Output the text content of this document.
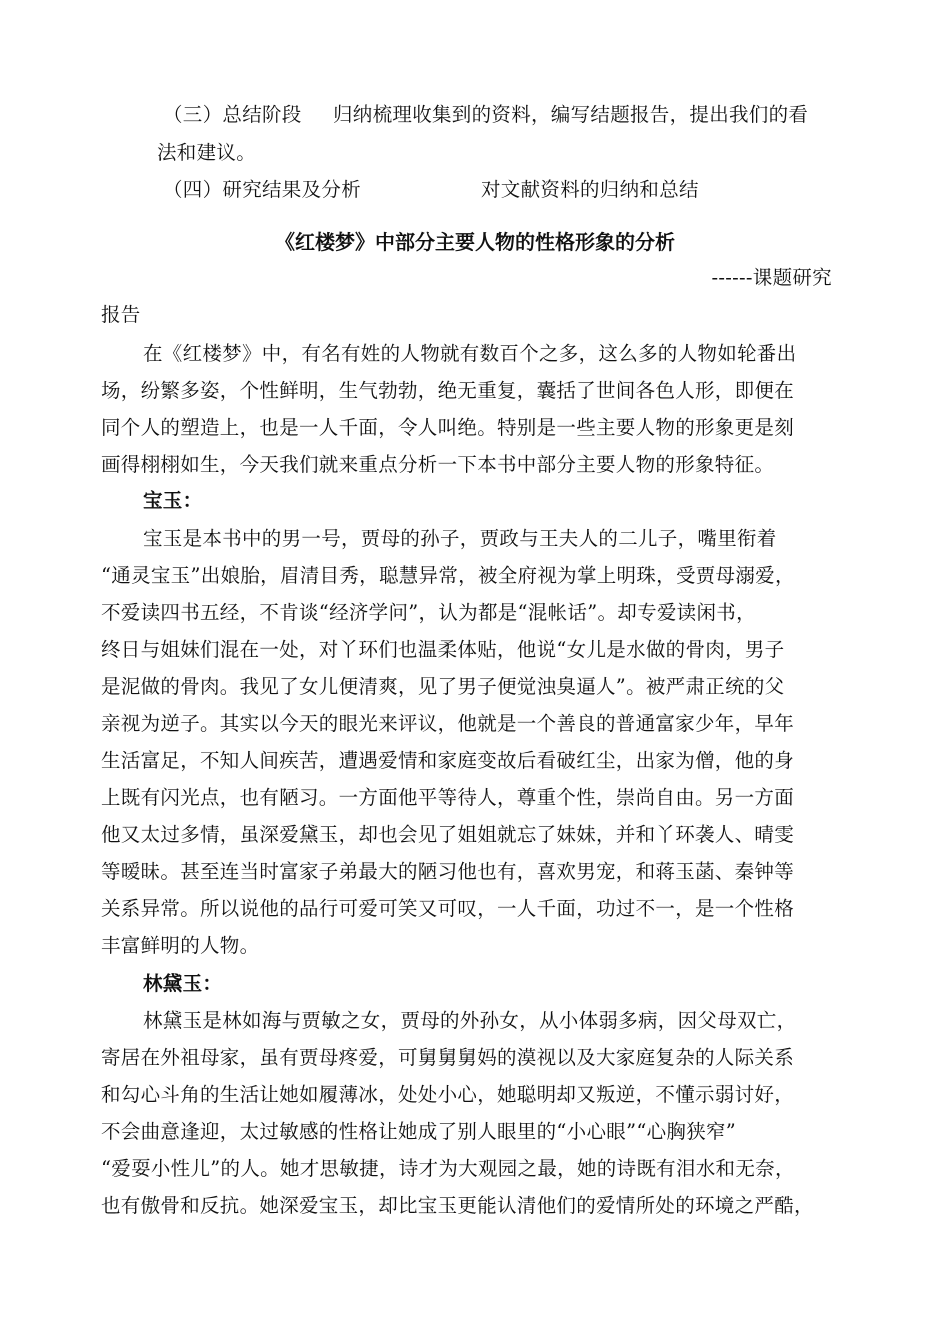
（三）总结阶段 归纳梳理收集到的资料，编写结题报告，提出我们的看
法和建议。
（四）研究结果及分析	对文献资料的归纳和总结
《红楼梦》中部分主要人物的性格形象的分析
------课题研究
报告
在《红楼梦》中，有名有姓的人物就有数百个之多，这么多的人物如轮番出
场，纷繁多姿，个性鲜明，生气勃勃，绝无重复，囊括了世间各色人形，即便在
同个人的塑造上，也是一人千面，令人叫绝。特别是一些主要人物的形象更是刻
画得栩栩如生，今天我们就来重点分析一下本书中部分主要人物的形象特征。
宝玉：
宝玉是本书中的男一号，贾母的孙子，贾政与王夫人的二儿子，嘴里衔着
“通灵宝玉”出娘胎，眉清目秀，聪慧异常，被全府视为掌上明珠，受贾母溺爱，
不爱读四书五经，不肯谈“经济学问”，认为都是“混帐话”。却专爱读闲书，
终日与姐妹们混在一处，对丫环们也温柔体贴，他说“女儿是水做的骨肉，男子
是泥做的骨肉。我见了女儿便清爽，见了男子便觉浊臭逼人”。被严肃正统的父
亲视为逆子。其实以今天的眼光来评议，他就是一个善良的普通富家少年，早年
生活富足，不知人间疾苦，遭遇爱情和家庭变故后看破红尘，出家为僧，他的身
上既有闪光点，也有陋习。一方面他平等待人，尊重个性，崇尚自由。另一方面
他又太过多情，虽深爱黛玉，却也会见了姐姐就忘了妹妹，并和丫环袭人、晴雯
等暧昧。甚至连当时富家子弟最大的陋习他也有，喜欢男宠，和蒋玉菡、秦钟等
关系异常。所以说他的品行可爱可笑又可叹，一人千面，功过不一，是一个性格
丰富鲜明的人物。
林黛玉：
林黛玉是林如海与贾敏之女，贾母的外孙女，从小体弱多病，因父母双亡，
寄居在外祖母家，虽有贾母疼爱，可舅舅舅妈的漠视以及大家庭复杂的人际关系
和勾心斗角的生活让她如履薄冰，处处小心，她聪明却又叛逆，不懂示弱讨好，
不会曲意逢迎，太过敏感的性格让她成了别人眼里的“小心眼”“心胸狭窄”
“爱耍小性儿”的人。她才思敏捷，诗才为大观园之最，她的诗既有泪水和无奈，
也有傲骨和反抗。她深爱宝玉，却比宝玉更能认清他们的爱情所处的环境之严酷，
